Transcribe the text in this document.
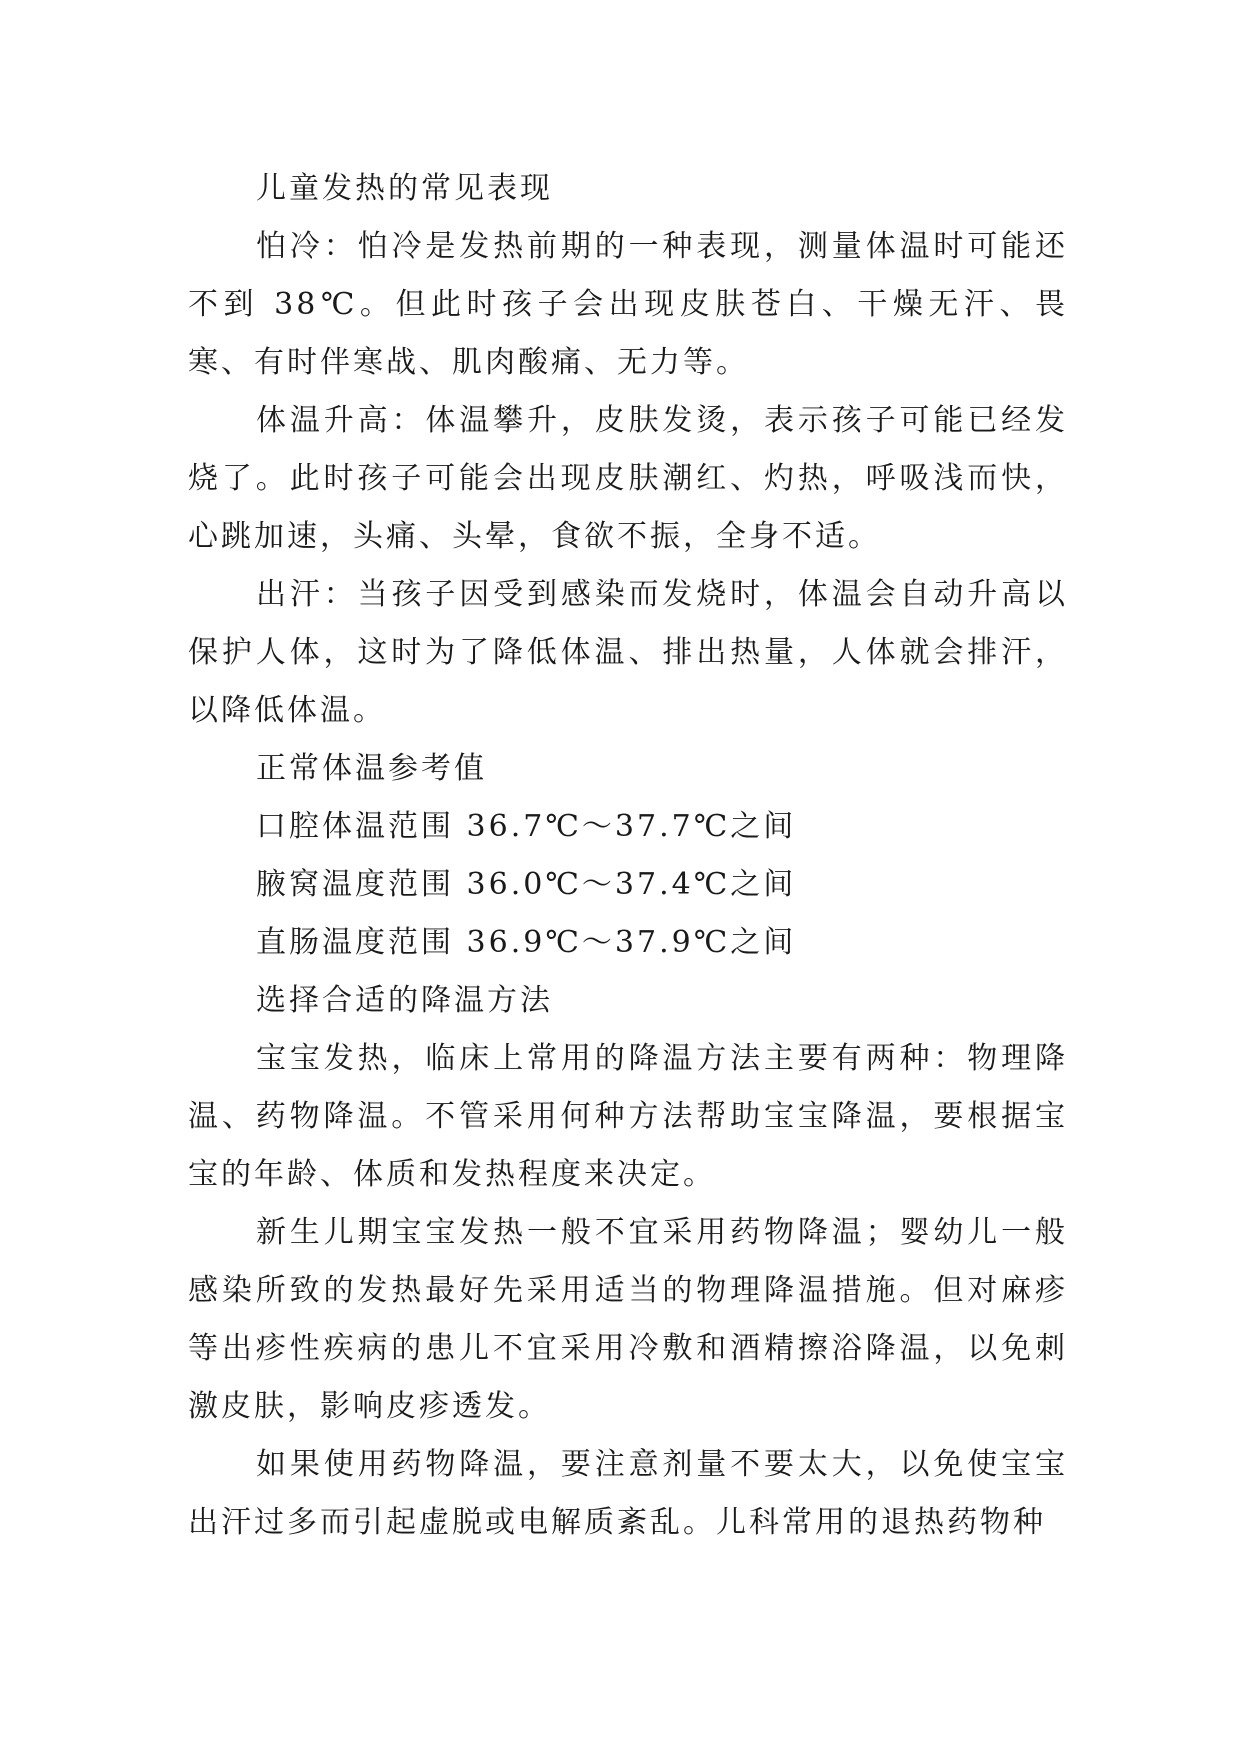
儿童发热的常见表现

怕冷：怕冷是发热前期的一种表现，测量体温时可能还不到 38℃。但此时孩子会出现皮肤苍白、干燥无汗、畏寒、有时伴寒战、肌肉酸痛、无力等。

体温升高：体温攀升，皮肤发烫，表示孩子可能已经发烧了。此时孩子可能会出现皮肤潮红、灼热，呼吸浅而快，心跳加速，头痛、头晕，食欲不振，全身不适。

出汗：当孩子因受到感染而发烧时，体温会自动升高以保护人体，这时为了降低体温、排出热量，人体就会排汗，以降低体温。

正常体温参考值

口腔体温范围 36.7℃～37.7℃之间

腋窝温度范围 36.0℃～37.4℃之间

直肠温度范围 36.9℃～37.9℃之间

选择合适的降温方法

宝宝发热，临床上常用的降温方法主要有两种：物理降温、药物降温。不管采用何种方法帮助宝宝降温，要根据宝宝的年龄、体质和发热程度来决定。

新生儿期宝宝发热一般不宜采用药物降温；婴幼儿一般感染所致的发热最好先采用适当的物理降温措施。但对麻疹等出疹性疾病的患儿不宜采用冷敷和酒精擦浴降温，以免刺激皮肤，影响皮疹透发。

如果使用药物降温，要注意剂量不要太大，以免使宝宝出汗过多而引起虚脱或电解质紊乱。儿科常用的退热药物种
